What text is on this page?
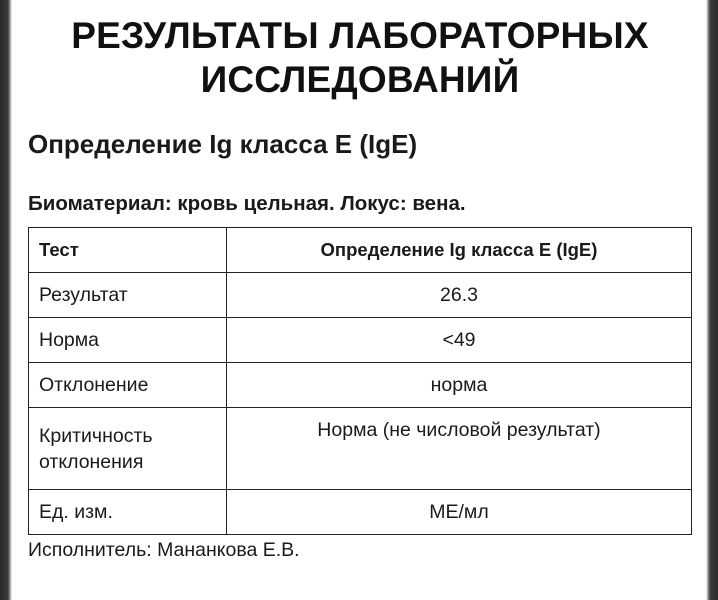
РЕЗУЛЬТАТЫ ЛАБОРАТОРНЫХ
ИССЛЕДОВАНИЙ
Определение Ig класса Е (IgE)

Биоматериал: кровь цельная. Локус: вена.

Тест	Определение Ig класса Е (IgE)
Результат	26.3
Норма	<49
Отклонение	норма
Критичность отклонения	Норма (не числовой результат)
Ед. изм.	МЕ/мл

Исполнитель: Мананкова Е.В.
